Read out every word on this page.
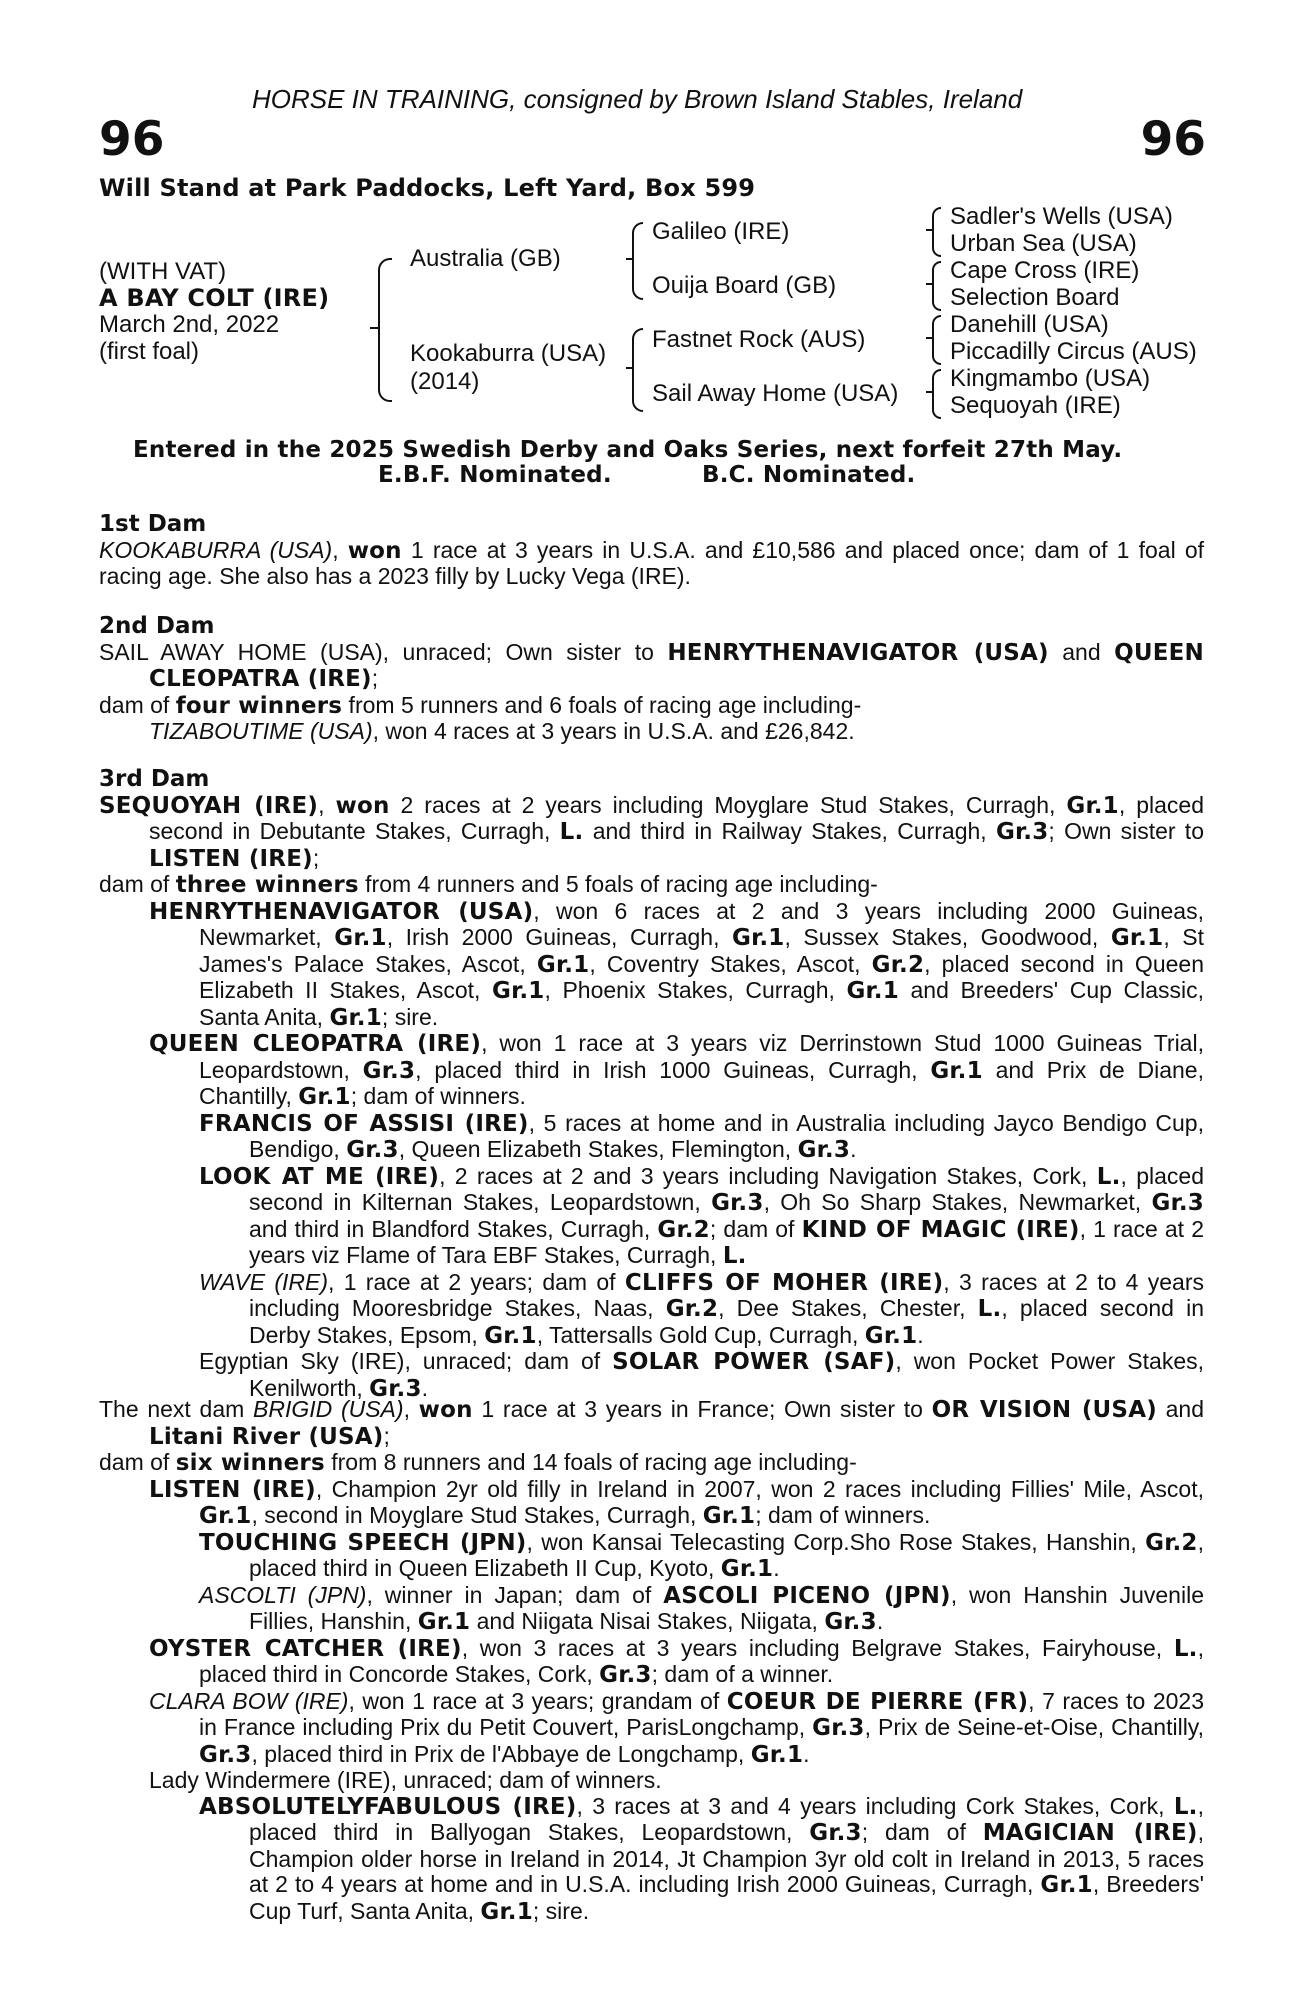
HORSE IN TRAINING, consigned by Brown Island Stables, Ireland
96	96
Will Stand at Park Paddocks, Left Yard, Box 599
(WITH VAT)
A BAY COLT (IRE)
March 2nd, 2022
(first foal)
Australia (GB)
Kookaburra (USA)
(2014)
Galileo (IRE)
Ouija Board (GB)
Fastnet Rock (AUS)
Sail Away Home (USA)
Sadler's Wells (USA)
Urban Sea (USA)
Cape Cross (IRE)
Selection Board
Danehill (USA)
Piccadilly Circus (AUS)
Kingmambo (USA)
Sequoyah (IRE)
Entered in the 2025 Swedish Derby and Oaks Series, next forfeit 27th May.
E.B.F. Nominated.	B.C. Nominated.
1st Dam

KOOKABURRA (USA), won 1 race at 3 years in U.S.A. and £10,586 and placed once; dam of 1 foal of racing age. She also has a 2023 filly by Lucky Vega (IRE).

2nd Dam

SAIL AWAY HOME (USA), unraced; Own sister to HENRYTHENAVIGATOR (USA) and QUEEN CLEOPATRA (IRE);

dam of four winners from 5 runners and 6 foals of racing age including-

TIZABOUTIME (USA), won 4 races at 3 years in U.S.A. and £26,842.

3rd Dam

SEQUOYAH (IRE), won 2 races at 2 years including Moyglare Stud Stakes, Curragh, Gr.1, placed second in Debutante Stakes, Curragh, L. and third in Railway Stakes, Curragh, Gr.3; Own sister to LISTEN (IRE);

dam of three winners from 4 runners and 5 foals of racing age including-

HENRYTHENAVIGATOR (USA), won 6 races at 2 and 3 years including 2000 Guineas, Newmarket, Gr.1, Irish 2000 Guineas, Curragh, Gr.1, Sussex Stakes, Goodwood, Gr.1, St James's Palace Stakes, Ascot, Gr.1, Coventry Stakes, Ascot, Gr.2, placed second in Queen Elizabeth II Stakes, Ascot, Gr.1, Phoenix Stakes, Curragh, Gr.1 and Breeders' Cup Classic, Santa Anita, Gr.1; sire.

QUEEN CLEOPATRA (IRE), won 1 race at 3 years viz Derrinstown Stud 1000 Guineas Trial, Leopardstown, Gr.3, placed third in Irish 1000 Guineas, Curragh, Gr.1 and Prix de Diane, Chantilly, Gr.1; dam of winners.

FRANCIS OF ASSISI (IRE), 5 races at home and in Australia including Jayco Bendigo Cup, Bendigo, Gr.3, Queen Elizabeth Stakes, Flemington, Gr.3.

LOOK AT ME (IRE), 2 races at 2 and 3 years including Navigation Stakes, Cork, L., placed second in Kilternan Stakes, Leopardstown, Gr.3, Oh So Sharp Stakes, Newmarket, Gr.3 and third in Blandford Stakes, Curragh, Gr.2; dam of KIND OF MAGIC (IRE), 1 race at 2 years viz Flame of Tara EBF Stakes, Curragh, L.

WAVE (IRE), 1 race at 2 years; dam of CLIFFS OF MOHER (IRE), 3 races at 2 to 4 years including Mooresbridge Stakes, Naas, Gr.2, Dee Stakes, Chester, L., placed second in Derby Stakes, Epsom, Gr.1, Tattersalls Gold Cup, Curragh, Gr.1.

Egyptian Sky (IRE), unraced; dam of SOLAR POWER (SAF), won Pocket Power Stakes, Kenilworth, Gr.3.

The next dam BRIGID (USA), won 1 race at 3 years in France; Own sister to OR VISION (USA) and Litani River (USA);

dam of six winners from 8 runners and 14 foals of racing age including-

LISTEN (IRE), Champion 2yr old filly in Ireland in 2007, won 2 races including Fillies' Mile, Ascot, Gr.1, second in Moyglare Stud Stakes, Curragh, Gr.1; dam of winners.

TOUCHING SPEECH (JPN), won Kansai Telecasting Corp.Sho Rose Stakes, Hanshin, Gr.2, placed third in Queen Elizabeth II Cup, Kyoto, Gr.1.

ASCOLTI (JPN), winner in Japan; dam of ASCOLI PICENO (JPN), won Hanshin Juvenile Fillies, Hanshin, Gr.1 and Niigata Nisai Stakes, Niigata, Gr.3.

OYSTER CATCHER (IRE), won 3 races at 3 years including Belgrave Stakes, Fairyhouse, L., placed third in Concorde Stakes, Cork, Gr.3; dam of a winner.

CLARA BOW (IRE), won 1 race at 3 years; grandam of COEUR DE PIERRE (FR), 7 races to 2023 in France including Prix du Petit Couvert, ParisLongchamp, Gr.3, Prix de Seine-et-Oise, Chantilly, Gr.3, placed third in Prix de l'Abbaye de Longchamp, Gr.1.

Lady Windermere (IRE), unraced; dam of winners.

ABSOLUTELYFABULOUS (IRE), 3 races at 3 and 4 years including Cork Stakes, Cork, L., placed third in Ballyogan Stakes, Leopardstown, Gr.3; dam of MAGICIAN (IRE), Champion older horse in Ireland in 2014, Jt Champion 3yr old colt in Ireland in 2013, 5 races at 2 to 4 years at home and in U.S.A. including Irish 2000 Guineas, Curragh, Gr.1, Breeders' Cup Turf, Santa Anita, Gr.1; sire.
